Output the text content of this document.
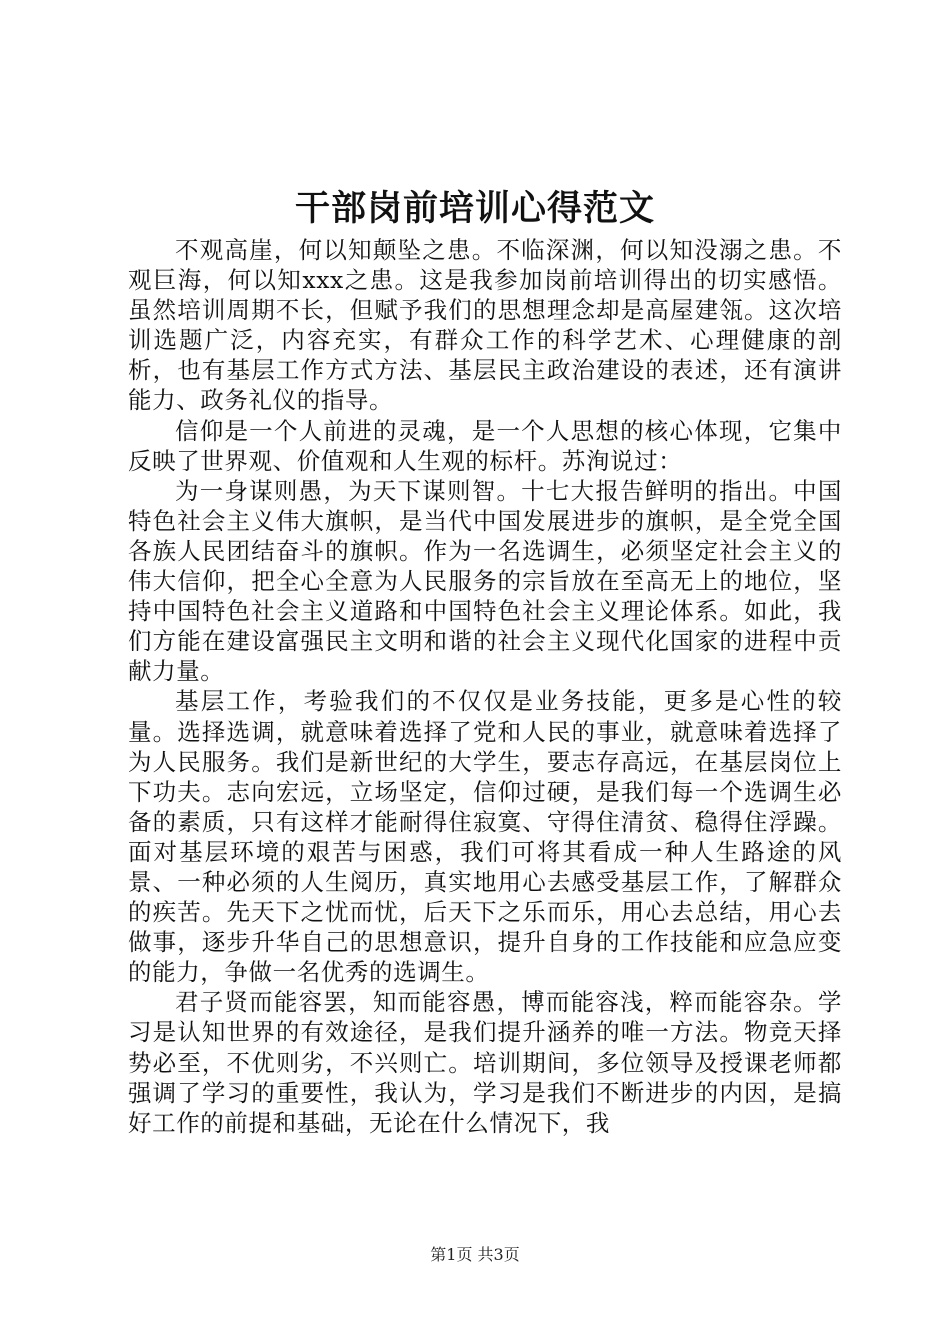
干部岗前培训心得范文

不观高崖，何以知颠坠之患。不临深渊，何以知没溺之患。不观巨海，何以知xxx之患。这是我参加岗前培训得出的切实感悟。虽然培训周期不长，但赋予我们的思想理念却是高屋建瓴。这次培训选题广泛，内容充实，有群众工作的科学艺术、心理健康的剖析，也有基层工作方式方法、基层民主政治建设的表述，还有演讲能力、政务礼仪的指导。

信仰是一个人前进的灵魂，是一个人思想的核心体现，它集中反映了世界观、价值观和人生观的标杆。苏洵说过：

为一身谋则愚，为天下谋则智。十七大报告鲜明的指出。中国特色社会主义伟大旗帜，是当代中国发展进步的旗帜，是全党全国各族人民团结奋斗的旗帜。作为一名选调生，必须坚定社会主义的伟大信仰，把全心全意为人民服务的宗旨放在至高无上的地位，坚持中国特色社会主义道路和中国特色社会主义理论体系。如此，我们方能在建设富强民主文明和谐的社会主义现代化国家的进程中贡献力量。

基层工作，考验我们的不仅仅是业务技能，更多是心性的较量。选择选调，就意味着选择了党和人民的事业，就意味着选择了为人民服务。我们是新世纪的大学生，要志存高远，在基层岗位上下功夫。志向宏远，立场坚定，信仰过硬，是我们每一个选调生必备的素质，只有这样才能耐得住寂寞、守得住清贫、稳得住浮躁。面对基层环境的艰苦与困惑，我们可将其看成一种人生路途的风景、一种必须的人生阅历，真实地用心去感受基层工作，了解群众的疾苦。先天下之忧而忧，后天下之乐而乐，用心去总结，用心去做事，逐步升华自己的思想意识，提升自身的工作技能和应急应变的能力，争做一名优秀的选调生。

君子贤而能容罢，知而能容愚，博而能容浅，粹而能容杂。学习是认知世界的有效途径，是我们提升涵养的唯一方法。物竞天择势必至，不优则劣，不兴则亡。培训期间，多位领导及授课老师都强调了学习的重要性，我认为，学习是我们不断进步的内因，是搞好工作的前提和基础，无论在什么情况下，我

第1页 共3页
